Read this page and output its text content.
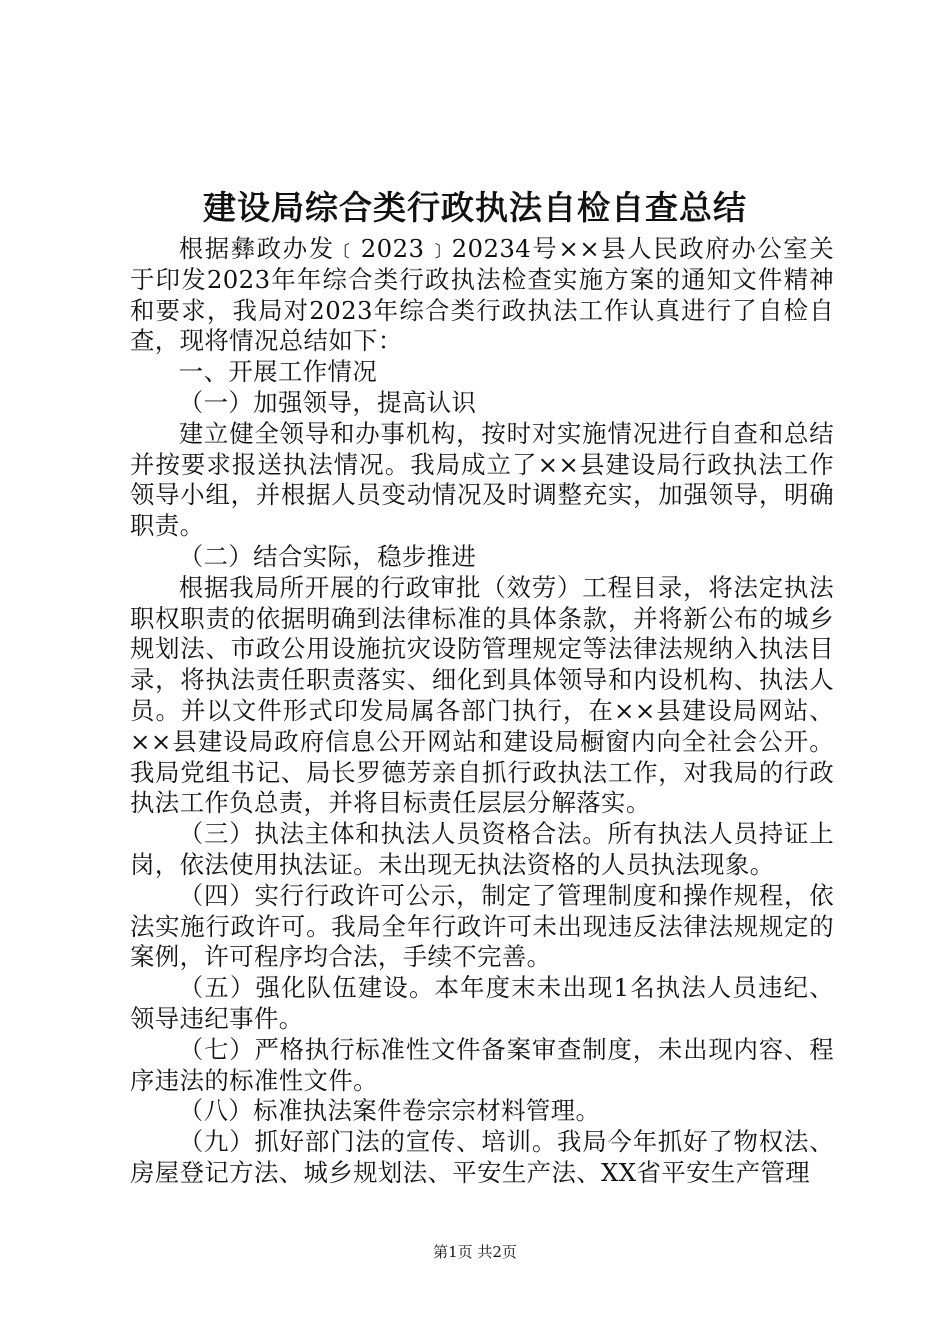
建设局综合类行政执法自检自查总结

根据彝政办发﹝2023﹞20234号××县人民政府办公室关于印发2023年年综合类行政执法检查实施方案的通知文件精神和要求，我局对2023年综合类行政执法工作认真进行了自检自查，现将情况总结如下：

一、开展工作情况

（一）加强领导，提高认识

建立健全领导和办事机构，按时对实施情况进行自查和总结并按要求报送执法情况。我局成立了××县建设局行政执法工作领导小组，并根据人员变动情况及时调整充实，加强领导，明确职责。

（二）结合实际，稳步推进

根据我局所开展的行政审批（效劳）工程目录，将法定执法职权职责的依据明确到法律标准的具体条款，并将新公布的城乡规划法、市政公用设施抗灾设防管理规定等法律法规纳入执法目录，将执法责任职责落实、细化到具体领导和内设机构、执法人员。并以文件形式印发局属各部门执行，在××县建设局网站、××县建设局政府信息公开网站和建设局橱窗内向全社会公开。我局党组书记、局长罗德芳亲自抓行政执法工作，对我局的行政执法工作负总责，并将目标责任层层分解落实。

（三）执法主体和执法人员资格合法。所有执法人员持证上岗，依法使用执法证。未出现无执法资格的人员执法现象。

（四）实行行政许可公示，制定了管理制度和操作规程，依法实施行政许可。我局全年行政许可未出现违反法律法规规定的案例，许可程序均合法，手续不完善。

（五）强化队伍建设。本年度末未出现1名执法人员违纪、领导违纪事件。

（七）严格执行标准性文件备案审查制度，未出现内容、程序违法的标准性文件。

（八）标准执法案件卷宗宗材料管理。

（九）抓好部门法的宣传、培训。我局今年抓好了物权法、房屋登记方法、城乡规划法、平安生产法、XX省平安生产管理

第1页 共2页
